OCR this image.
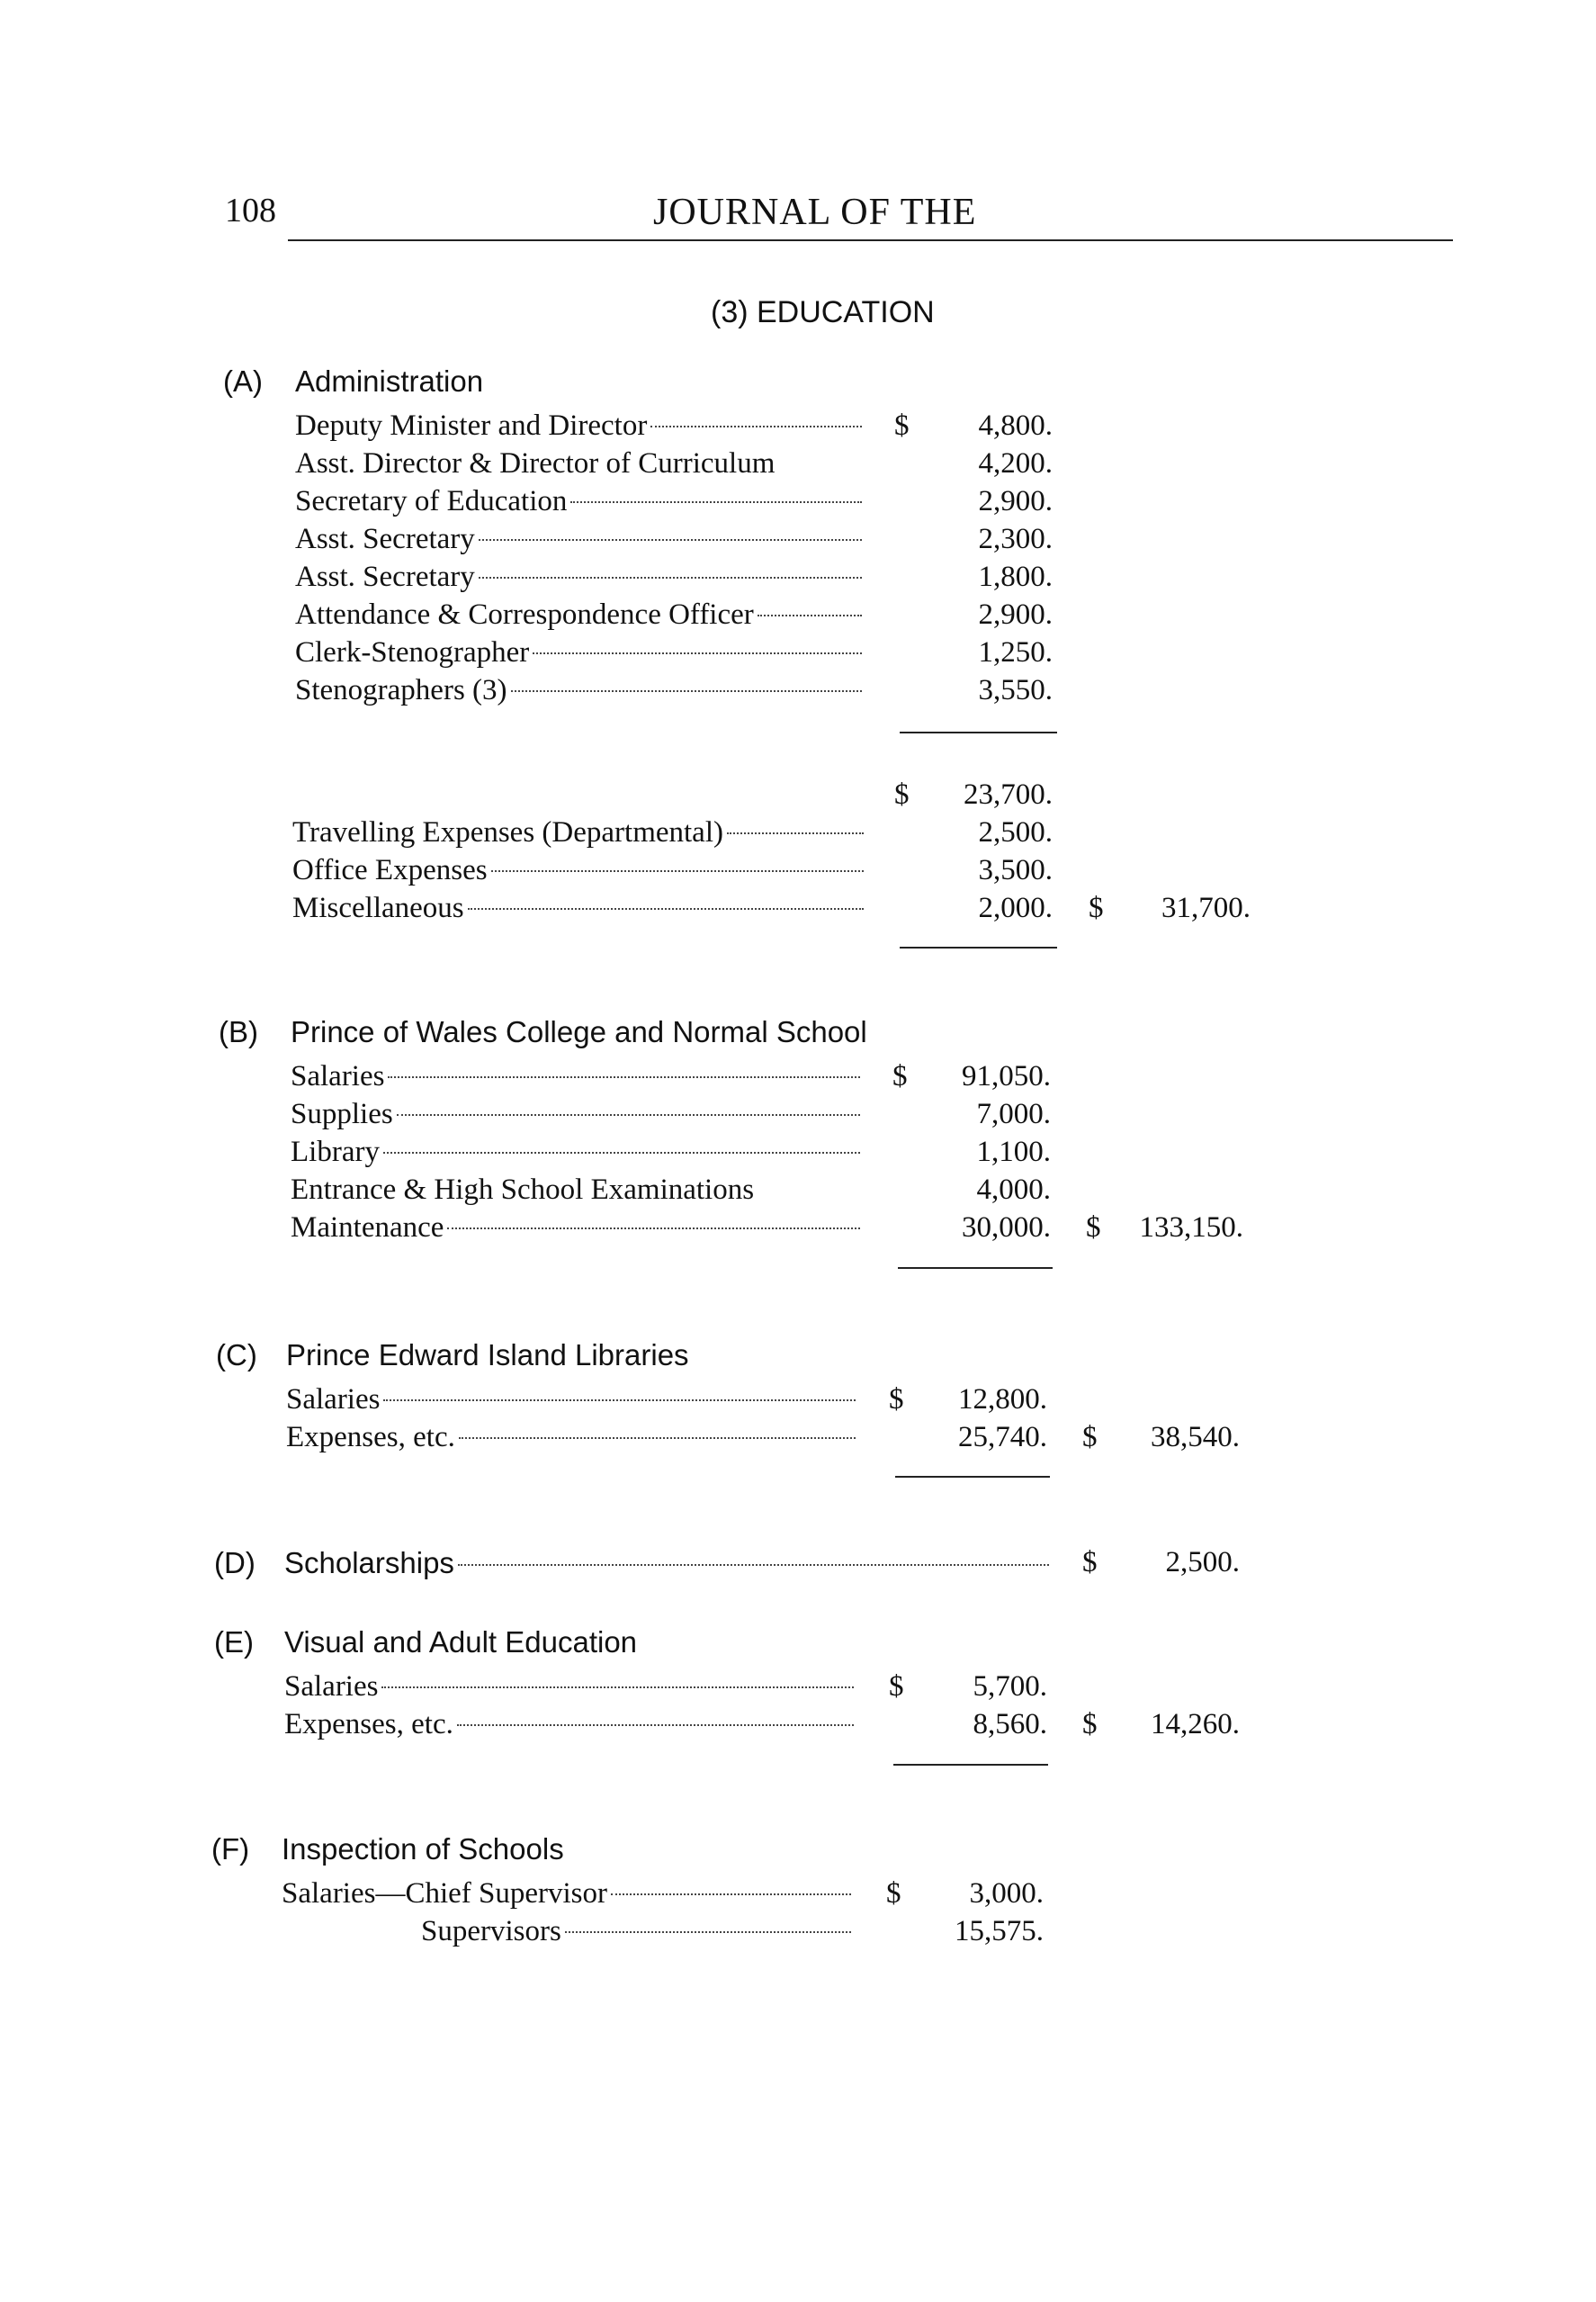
108	JOURNAL OF THE
(3) EDUCATION
(A) Administration
Deputy Minister and Director	$	4,800.
Asst. Director & Director of Curriculum	4,200.
Secretary of Education	2,900.
Asst. Secretary	2,300.
Asst. Secretary	1,800.
Attendance & Correspondence Officer	2,900.
Clerk-Stenographer	1,250.
Stenographers (3)	3,550.
$	23,700.
Travelling Expenses (Departmental)	2,500.
Office Expenses	3,500.
Miscellaneous	2,000. $	31,700.
(B) Prince of Wales College and Normal School
Salaries	$	91,050.
Supplies	7,000.
Library	1,100.
Entrance & High School Examinations	4,000.
Maintenance	30,000. $	133,150.
(C) Prince Edward Island Libraries
Salaries	$	12,800.
Expenses, etc.	25,740. $	38,540.
(D) Scholarships	$	2,500.
(E) Visual and Adult Education
Salaries	$	5,700.
Expenses, etc.	8,560. $	14,260.
(F) Inspection of Schools
Salaries—Chief Supervisor	$	3,000.
Supervisors	15,575.
